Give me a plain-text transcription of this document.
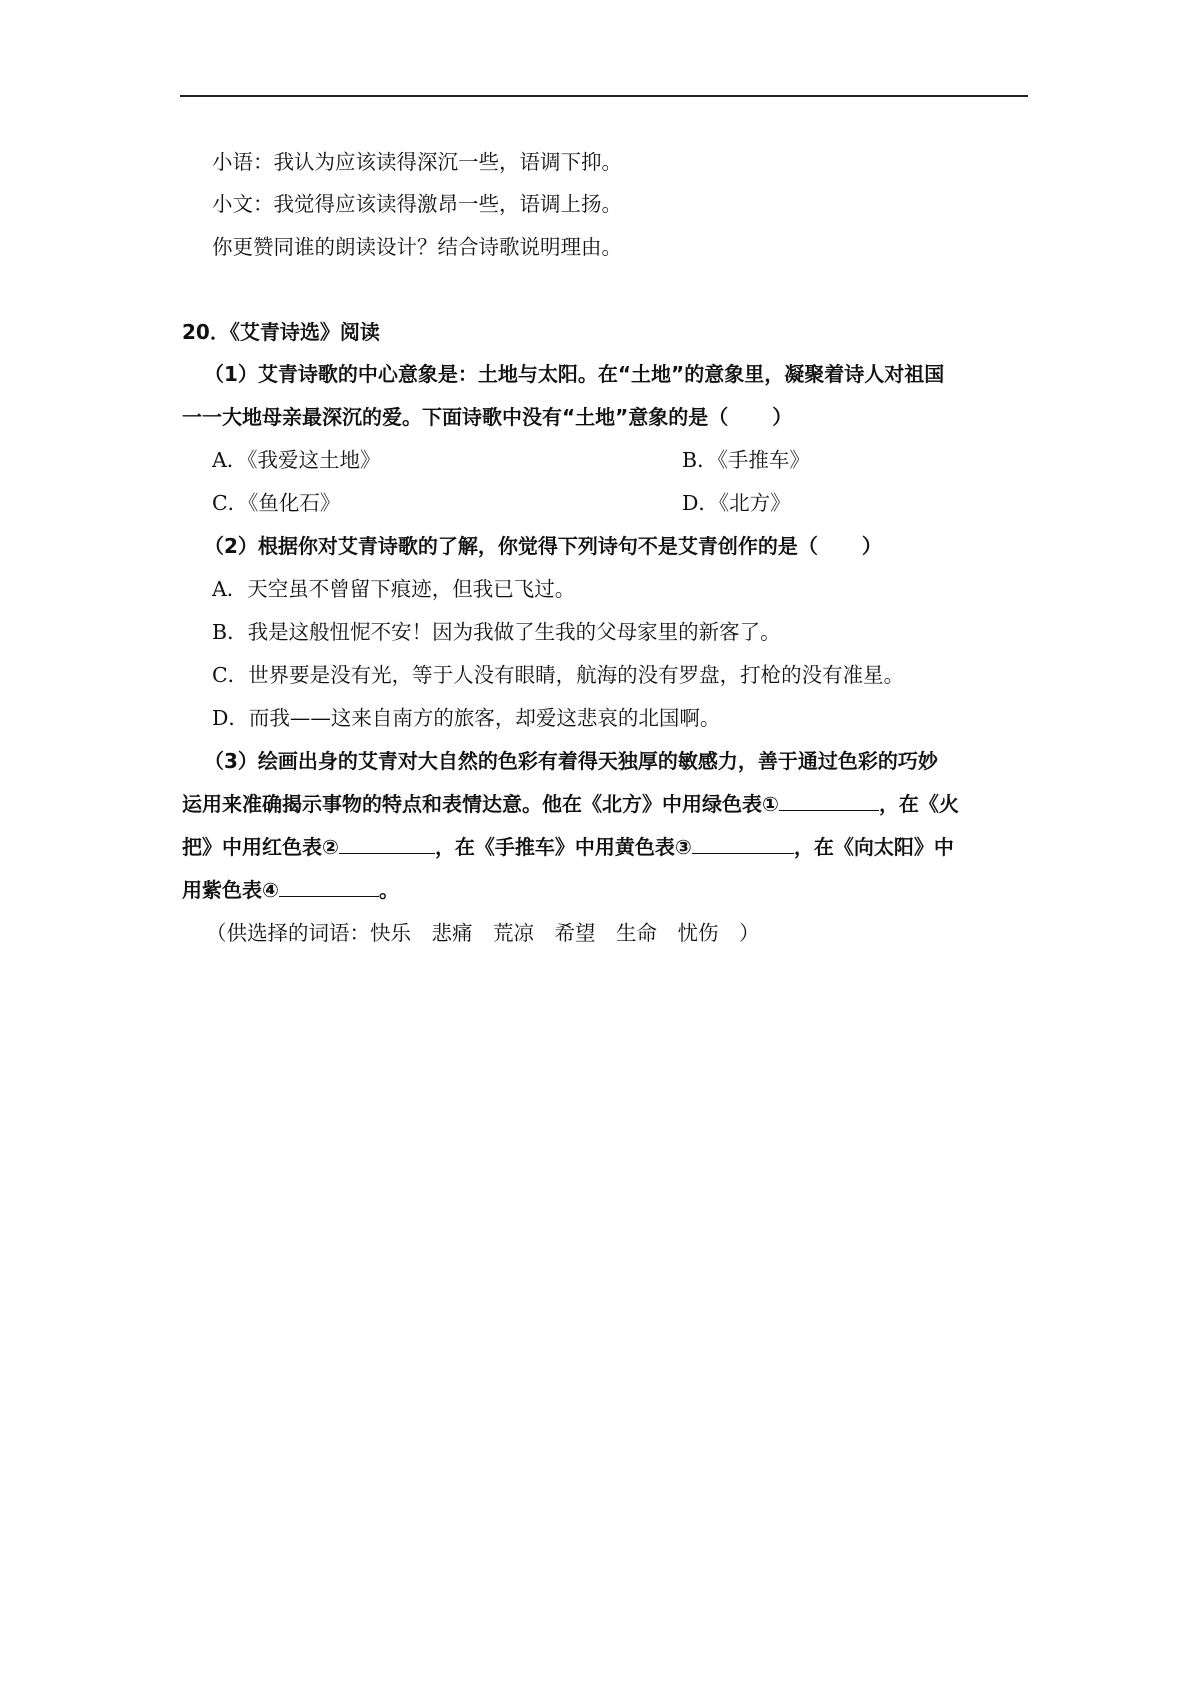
小语：我认为应该读得深沉一些，语调下抑。
小文：我觉得应该读得激昂一些，语调上扬。
你更赞同谁的朗读设计？结合诗歌说明理由。
20．《艾青诗选》阅读
（1）艾青诗歌的中心意象是：土地与太阳。在“土地”的意象里，凝聚着诗人对祖国
一一大地母亲最深沉的爱。下面诗歌中没有“土地”意象的是（ ）
A．《我爱这土地》	B．《手推车》
C．《鱼化石》	D．《北方》
（2）根据你对艾青诗歌的了解，你觉得下列诗句不是艾青创作的是（ ）
A．天空虽不曾留下痕迹，但我已飞过。
B．我是这般忸怩不安！因为我做了生我的父母家里的新客了。
C．世界要是没有光，等于人没有眼睛，航海的没有罗盘，打枪的没有准星。
D．而我——这来自南方的旅客，却爱这悲哀的北国啊。
（3）绘画出身的艾青对大自然的色彩有着得天独厚的敏感力，善于通过色彩的巧妙
运用来准确揭示事物的特点和表情达意。他在《北方》中用绿色表①	，在《火
把》中用红色表②	，在《手推车》中用黄色表③	，在《向太阳》中
用紫色表④	。
（供选择的词语：快乐　悲痛　荒凉　希望　生命　忧伤　）
